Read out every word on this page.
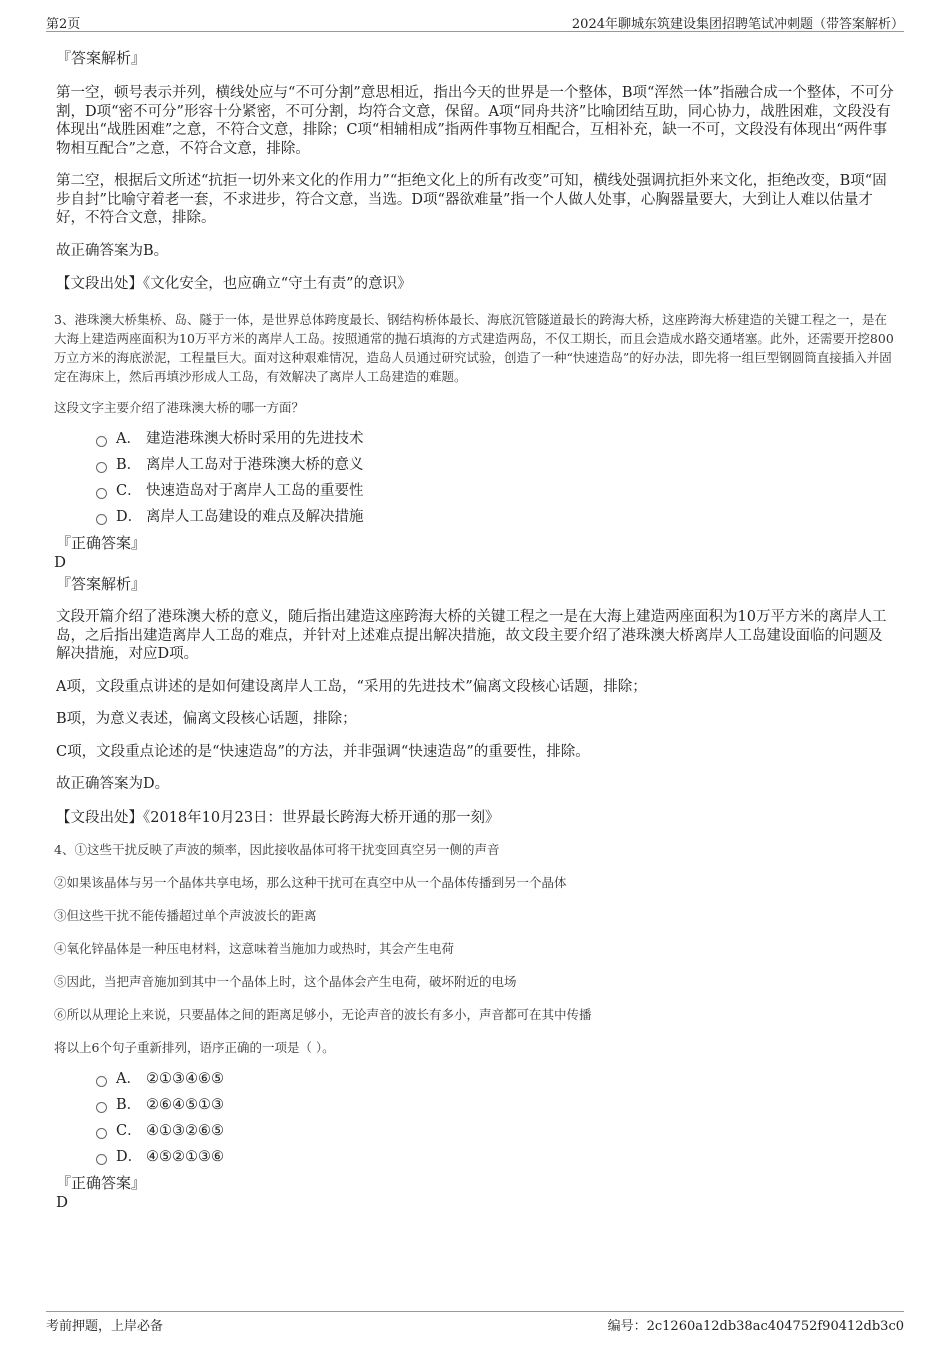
第2页	2024年聊城东筑建设集团招聘笔试冲刺题（带答案解析）
『答案解析』

第一空，顿号表示并列，横线处应与“不可分割”意思相近，指出今天的世界是一个整体，B项“浑然一体”指融合成一个整体，不可分割，D项“密不可分”形容十分紧密，不可分割，均符合文意，保留。A项“同舟共济”比喻团结互助，同心协力，战胜困难，文段没有体现出“战胜困难”之意，不符合文意，排除；C项“相辅相成”指两件事物互相配合，互相补充，缺一不可，文段没有体现出“两件事物相互配合”之意，不符合文意，排除。

第二空，根据后文所述“抗拒一切外来文化的作用力”“拒绝文化上的所有改变”可知，横线处强调抗拒外来文化，拒绝改变，B项“固步自封”比喻守着老一套，不求进步，符合文意，当选。D项“器欲难量”指一个人做人处事，心胸器量要大，大到让人难以估量才好，不符合文意，排除。

故正确答案为B。

【文段出处】《文化安全，也应确立“守土有责”的意识》

3、港珠澳大桥集桥、岛、隧于一体，是世界总体跨度最长、钢结构桥体最长、海底沉管隧道最长的跨海大桥，这座跨海大桥建造的关键工程之一，是在大海上建造两座面积为10万平方米的离岸人工岛。按照通常的抛石填海的方式建造两岛，不仅工期长，而且会造成水路交通堵塞。此外，还需要开挖800万立方米的海底淤泥，工程量巨大。面对这种艰难情况，造岛人员通过研究试验，创造了一种“快速造岛”的好办法，即先将一组巨型钢圆筒直接插入并固定在海床上，然后再填沙形成人工岛，有效解决了离岸人工岛建造的难题。

这段文字主要介绍了港珠澳大桥的哪一方面？

A． 建造港珠澳大桥时采用的先进技术
B． 离岸人工岛对于港珠澳大桥的意义
C． 快速造岛对于离岸人工岛的重要性
D． 离岸人工岛建设的难点及解决措施
『正确答案』
D
『答案解析』

文段开篇介绍了港珠澳大桥的意义，随后指出建造这座跨海大桥的关键工程之一是在大海上建造两座面积为10万平方米的离岸人工岛，之后指出建造离岸人工岛的难点，并针对上述难点提出解决措施，故文段主要介绍了港珠澳大桥离岸人工岛建设面临的问题及解决措施，对应D项。

A项，文段重点讲述的是如何建设离岸人工岛，“采用的先进技术”偏离文段核心话题，排除；

B项，为意义表述，偏离文段核心话题，排除；

C项，文段重点论述的是“快速造岛”的方法，并非强调“快速造岛”的重要性，排除。

故正确答案为D。

【文段出处】《2018年10月23日：世界最长跨海大桥开通的那一刻》

4、①这些干扰反映了声波的频率，因此接收晶体可将干扰变回真空另一侧的声音

②如果该晶体与另一个晶体共享电场，那么这种干扰可在真空中从一个晶体传播到另一个晶体

③但这些干扰不能传播超过单个声波波长的距离

④氧化锌晶体是一种压电材料，这意味着当施加力或热时，其会产生电荷

⑤因此，当把声音施加到其中一个晶体上时，这个晶体会产生电荷，破坏附近的电场

⑥所以从理论上来说，只要晶体之间的距离足够小，无论声音的波长有多小，声音都可在其中传播

将以上6个句子重新排列，语序正确的一项是（ ）。

A． ②①③④⑥⑤
B． ②⑥④⑤①③
C． ④①③②⑥⑤
D． ④⑤②①③⑥
『正确答案』
D
考前押题，上岸必备	编号：2c1260a12db38ac404752f90412db3c0
